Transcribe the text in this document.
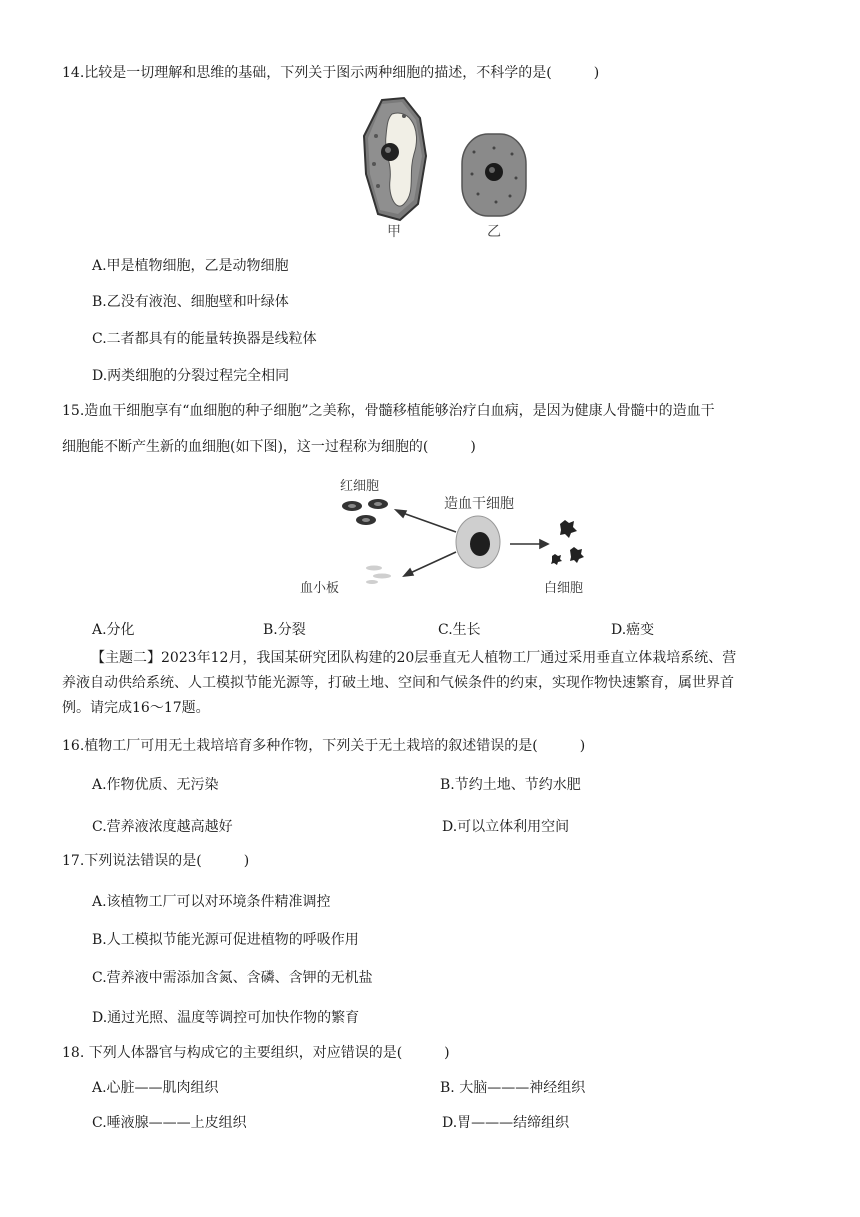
14.比较是一切理解和思维的基础，下列关于图示两种细胞的描述，不科学的是(　　　)
甲	乙
A.甲是植物细胞，乙是动物细胞
B.乙没有液泡、细胞壁和叶绿体
C.二者都具有的能量转换器是线粒体
D.两类细胞的分裂过程完全相同
15.造血干细胞享有“血细胞的种子细胞”之美称，骨髓移植能够治疗白血病，是因为健康人骨髓中的造血干
细胞能不断产生新的血细胞(如下图)，这一过程称为细胞的(　　　)
红细胞
造血干细胞
白细胞
血小板
A.分化	B.分裂	C.生长	D.癌变
【主题二】2023年12月，我国某研究团队构建的20层垂直无人植物工厂通过采用垂直立体栽培系统、营
养液自动供给系统、人工模拟节能光源等，打破土地、空间和气候条件的约束，实现作物快速繁育，属世界首
例。请完成16～17题。
16.植物工厂可用无土栽培培育多种作物，下列关于无土栽培的叙述错误的是(　　　)
A.作物优质、无污染	B.节约土地、节约水肥
C.营养液浓度越高越好	D.可以立体利用空间
17.下列说法错误的是(　　　)
A.该植物工厂可以对环境条件精准调控
B.人工模拟节能光源可促进植物的呼吸作用
C.营养液中需添加含氮、含磷、含钾的无机盐
D.通过光照、温度等调控可加快作物的繁育
18. 下列人体器官与构成它的主要组织，对应错误的是(　　　)
A.心脏——肌肉组织	B. 大脑———神经组织
C.唾液腺———上皮组织	D.胃———结缔组织
